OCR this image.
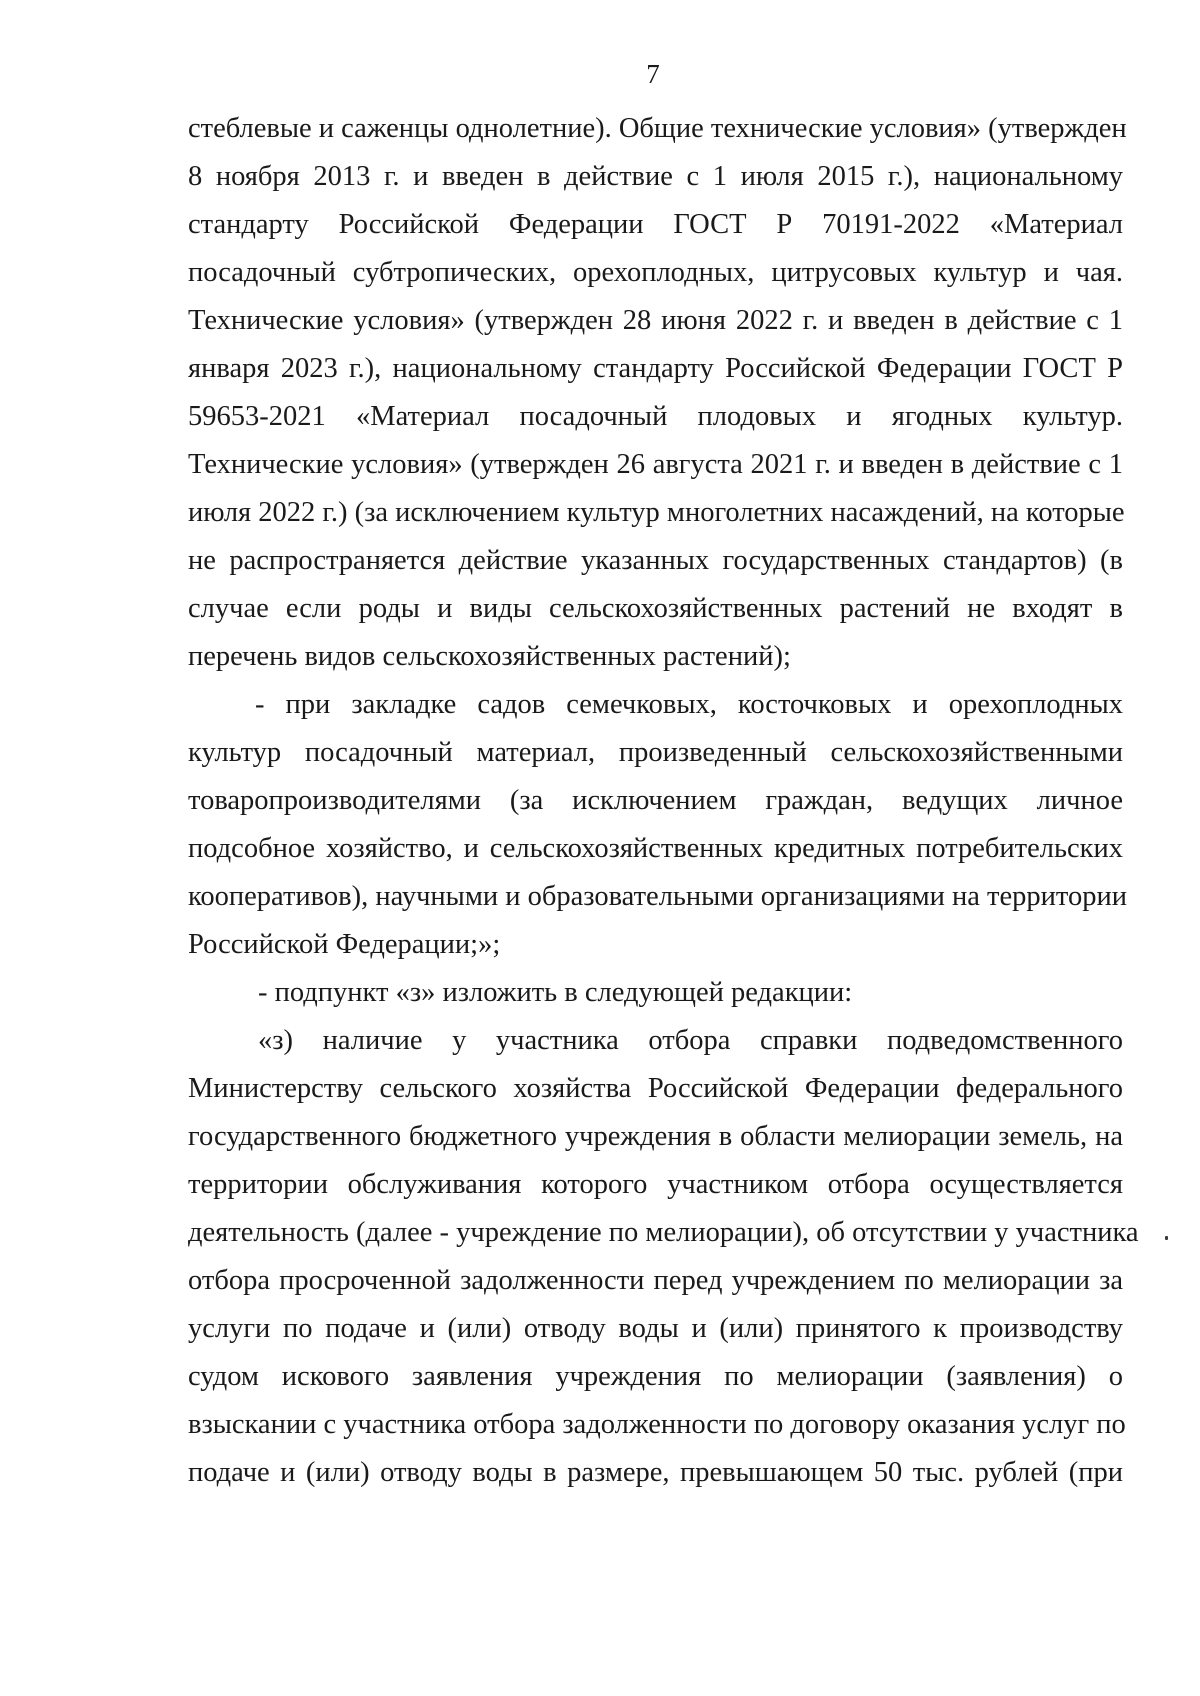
7
стеблевые и саженцы однолетние). Общие технические условия» (утвержден
8 ноября 2013 г. и введен в действие с 1 июля 2015 г.), национальному
стандарту Российской Федерации ГОСТ Р 70191-2022 «Материал
посадочный субтропических, орехоплодных, цитрусовых культур и чая.
Технические условия» (утвержден 28 июня 2022 г. и введен в действие с 1
января 2023 г.), национальному стандарту Российской Федерации ГОСТ Р
59653-2021 «Материал посадочный плодовых и ягодных культур.
Технические условия» (утвержден 26 августа 2021 г. и введен в действие с 1
июля 2022 г.) (за исключением культур многолетних насаждений, на которые
не распространяется действие указанных государственных стандартов) (в
случае если роды и виды сельскохозяйственных растений не входят в
перечень видов сельскохозяйственных растений);
- при закладке садов семечковых, косточковых и орехоплодных
культур посадочный материал, произведенный сельскохозяйственными
товаропроизводителями (за исключением граждан, ведущих личное
подсобное хозяйство, и сельскохозяйственных кредитных потребительских
кооперативов), научными и образовательными организациями на территории
Российской Федерации;»;
- подпункт «з» изложить в следующей редакции:
«з) наличие у участника отбора справки подведомственного
Министерству сельского хозяйства Российской Федерации федерального
государственного бюджетного учреждения в области мелиорации земель, на
территории обслуживания которого участником отбора осуществляется
деятельность (далее - учреждение по мелиорации), об отсутствии у участника
отбора просроченной задолженности перед учреждением по мелиорации за
услуги по подаче и (или) отводу воды и (или) принятого к производству
судом искового заявления учреждения по мелиорации (заявления) о
взыскании с участника отбора задолженности по договору оказания услуг по
подаче и (или) отводу воды в размере, превышающем 50 тыс. рублей (при
